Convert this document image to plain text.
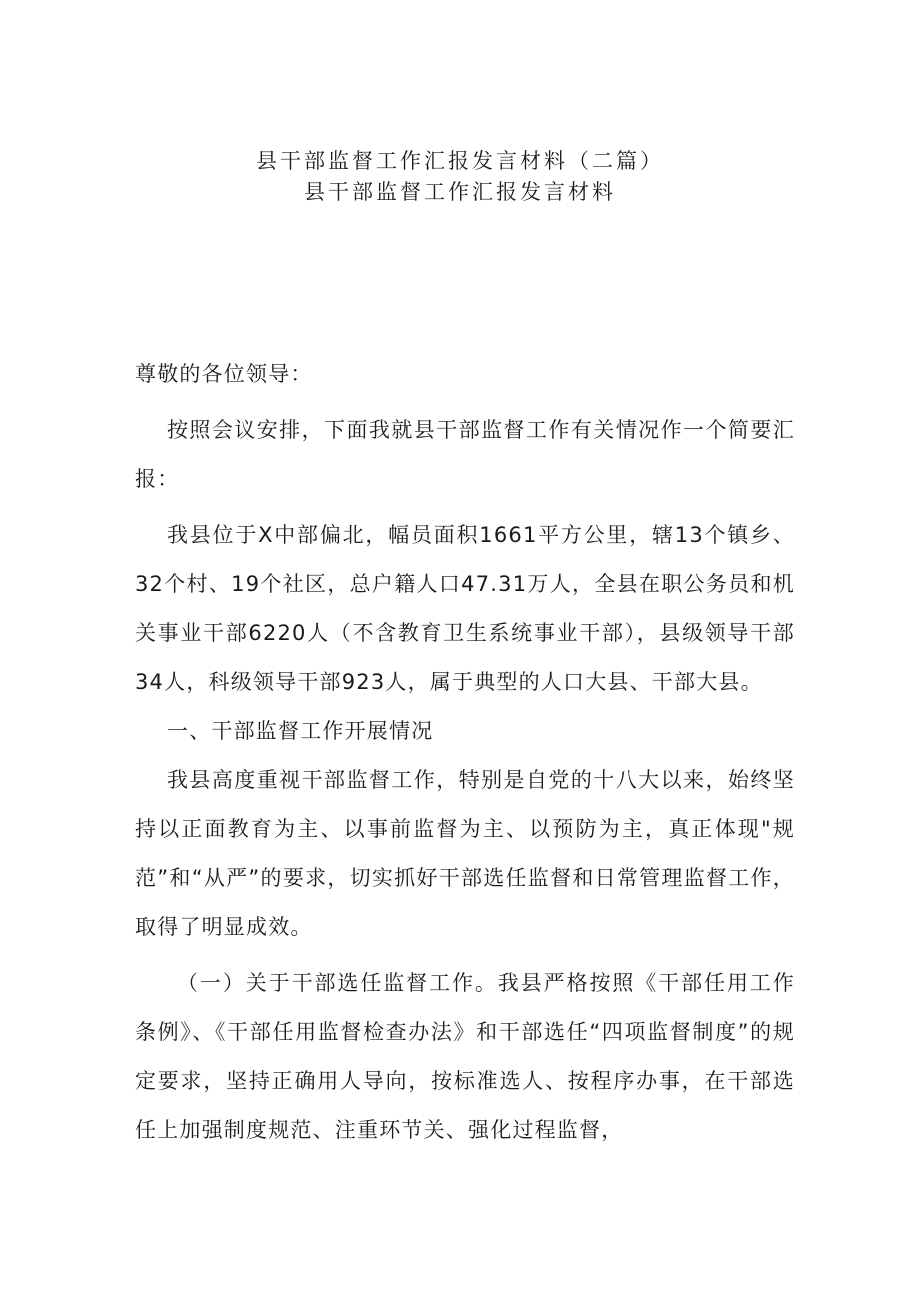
县干部监督工作汇报发言材料（二篇）
县干部监督工作汇报发言材料

尊敬的各位领导：

按照会议安排，下面我就县干部监督工作有关情况作一个简要汇报：

我县位于X中部偏北，幅员面积1661平方公里，辖13个镇乡、32个村、19个社区，总户籍人口47.31万人，全县在职公务员和机关事业干部6220人（不含教育卫生系统事业干部），县级领导干部34人，科级领导干部923人，属于典型的人口大县、干部大县。

一、干部监督工作开展情况

我县高度重视干部监督工作，特别是自党的十八大以来，始终坚持以正面教育为主、以事前监督为主、以预防为主，真正体现"规范”和“从严”的要求，切实抓好干部选任监督和日常管理监督工作，取得了明显成效。

（一）关于干部选任监督工作。我县严格按照《干部任用工作条例》、《干部任用监督检查办法》和干部选任“四项监督制度”的规定要求，坚持正确用人导向，按标准选人、按程序办事，在干部选任上加强制度规范、注重环节关、强化过程监督，
